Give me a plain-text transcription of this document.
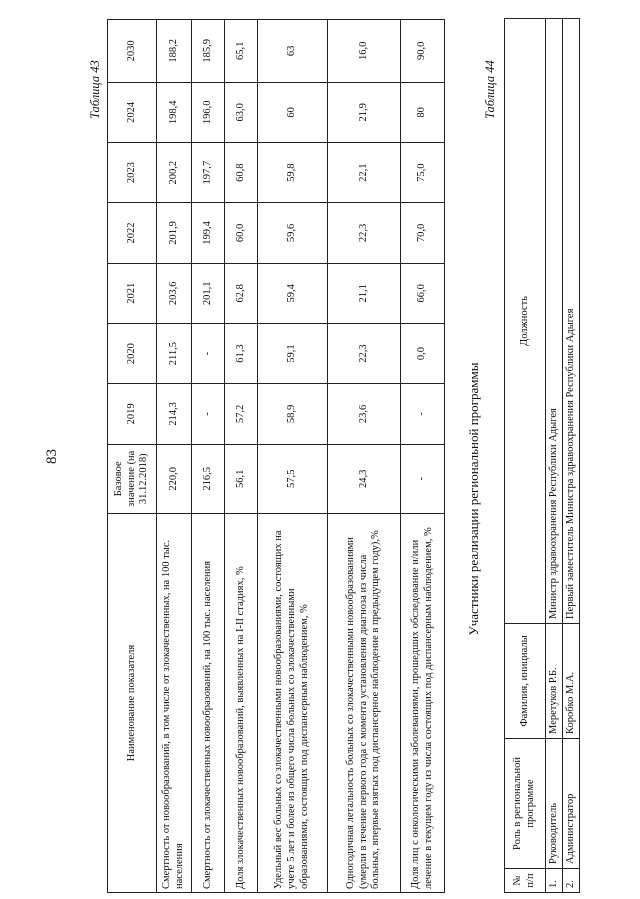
83
Таблица 43
Наименование показателя	Базовое значение (на 31.12.2018)	2019	2020	2021	2022	2023	2024	2030
Смертность от новообразований, в том числе от злокачественных, на 100 тыс. населения	220,0	214,3	211,5	203,6	201,9	200,2	198,4	188,2
Смертность от злокачественных новообразований, на 100 тыс. населения	216,5	-	-	201,1	199,4	197,7	196,0	185,9
Доля злокачественных новообразований, выявленных на I-II стадиях, %	56,1	57,2	61,3	62,8	60,0	60,8	63,0	65,1
Удельный вес больных со злокачественными новообразованиями, состоящих на учете 5 лет и более из общего числа больных со злокачественными образованиями, состоящих под диспансерным наблюдением, %	57,5	58,9	59,1	59,4	59,6	59,8	60	63
Одногодичная летальность больных со злокачественными новообразованиями (умерли в течение первого года с момента установления диагноза из числа больных, впервые взятых под диспансерное наблюдение в предыдущем году),%	24,3	23,6	22,3	21,1	22,3	22,1	21,9	16,0
Доля лиц с онкологическими заболеваниями, прошедших обследование и/или лечение в текущем году из числа состоящих под диспансерным наблюдением, %	-	-	0,0	66,0	70,0	75,0	80	90,0
Участники реализации региональной программы
Таблица 44
№ п/п	Роль в региональной программе	Фамилия, инициалы	Должность
1.	Руководитель	Меретуков Р.Б.	Министр здравоохранения Республики Адыгея
2.	Администратор	Коробко М.А.	Первый заместитель Министра здравоохранения Республики Адыгея
